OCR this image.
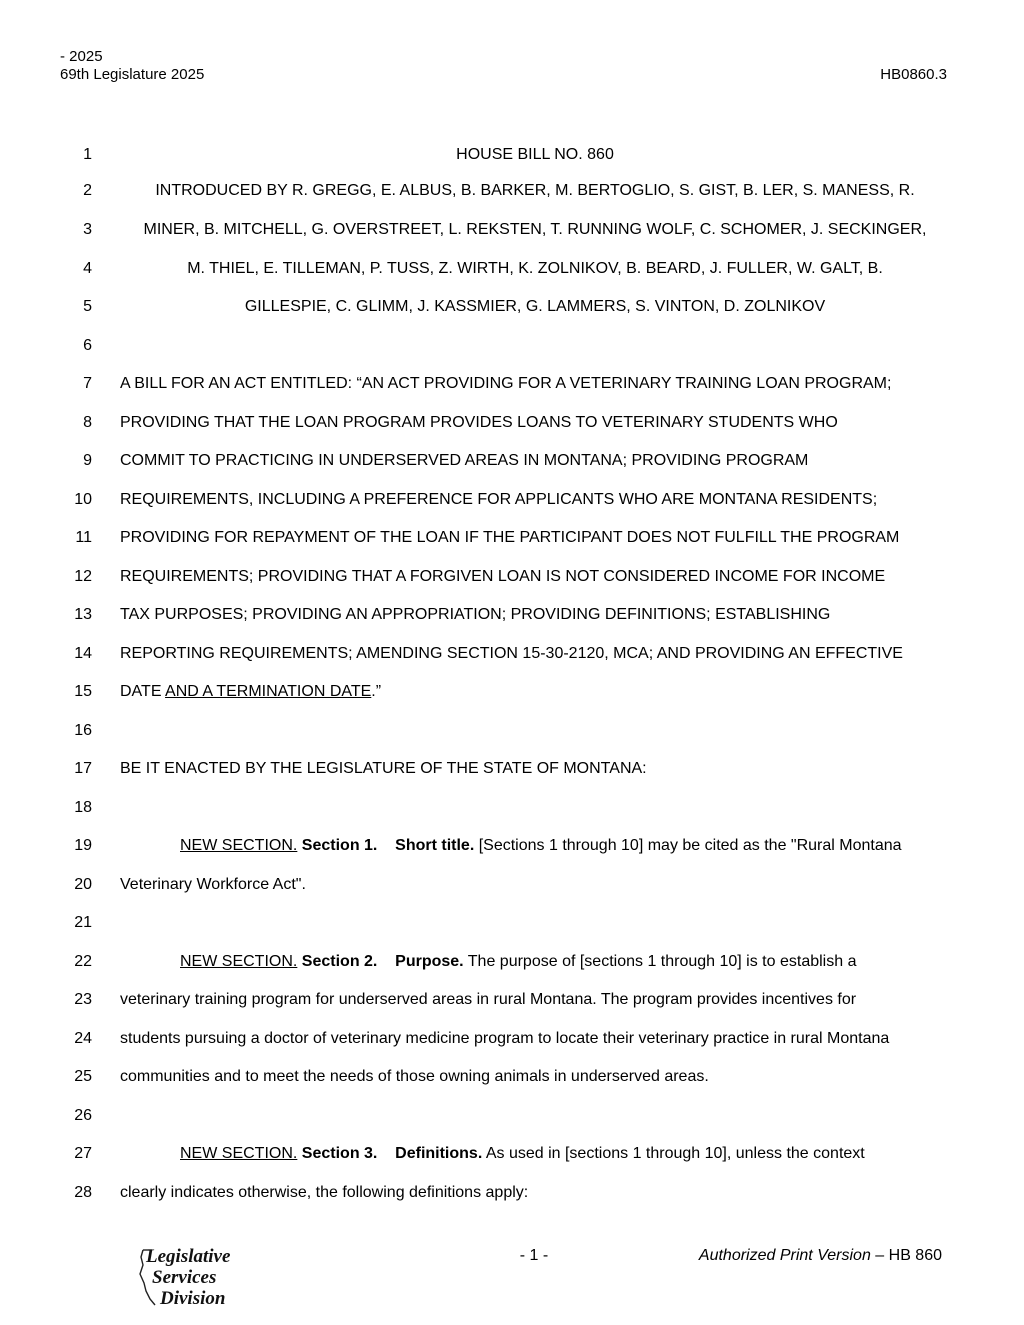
- 2025
69th Legislature 2025	HB0860.3
1	HOUSE BILL NO. 860
2	INTRODUCED BY R. GREGG, E. ALBUS, B. BARKER, M. BERTOGLIO, S. GIST, B. LER, S. MANESS, R.
3	MINER, B. MITCHELL, G. OVERSTREET, L. REKSTEN, T. RUNNING WOLF, C. SCHOMER, J. SECKINGER,
4	M. THIEL, E. TILLEMAN, P. TUSS, Z. WIRTH, K. ZOLNIKOV, B. BEARD, J. FULLER, W. GALT, B.
5	GILLESPIE, C. GLIMM, J. KASSMIER, G. LAMMERS, S. VINTON, D. ZOLNIKOV
6
7 A BILL FOR AN ACT ENTITLED: “AN ACT PROVIDING FOR A VETERINARY TRAINING LOAN PROGRAM;
8 PROVIDING THAT THE LOAN PROGRAM PROVIDES LOANS TO VETERINARY STUDENTS WHO
9 COMMIT TO PRACTICING IN UNDERSERVED AREAS IN MONTANA; PROVIDING PROGRAM
10 REQUIREMENTS, INCLUDING A PREFERENCE FOR APPLICANTS WHO ARE MONTANA RESIDENTS;
11 PROVIDING FOR REPAYMENT OF THE LOAN IF THE PARTICIPANT DOES NOT FULFILL THE PROGRAM
12 REQUIREMENTS; PROVIDING THAT A FORGIVEN LOAN IS NOT CONSIDERED INCOME FOR INCOME
13 TAX PURPOSES; PROVIDING AN APPROPRIATION; PROVIDING DEFINITIONS; ESTABLISHING
14 REPORTING REQUIREMENTS; AMENDING SECTION 15-30-2120, MCA; AND PROVIDING AN EFFECTIVE
15 DATE AND A TERMINATION DATE.”
16
17 BE IT ENACTED BY THE LEGISLATURE OF THE STATE OF MONTANA:
18
19	NEW SECTION. Section 1. Short title. [Sections 1 through 10] may be cited as the "Rural Montana
20 Veterinary Workforce Act".
21
22	NEW SECTION. Section 2. Purpose. The purpose of [sections 1 through 10] is to establish a
23 veterinary training program for underserved areas in rural Montana. The program provides incentives for
24 students pursuing a doctor of veterinary medicine program to locate their veterinary practice in rural Montana
25 communities and to meet the needs of those owning animals in underserved areas.
26
27	NEW SECTION. Section 3. Definitions. As used in [sections 1 through 10], unless the context
28 clearly indicates otherwise, the following definitions apply:
Legislative
Services
Division
- 1 -	Authorized Print Version – HB 860
